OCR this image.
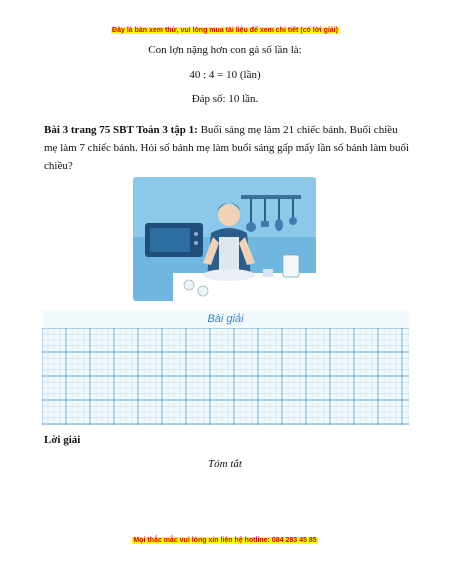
Đây là bản xem thử, vui lòng mua tài liệu để xem chi tiết (có lời giải)
Con lợn nặng hơn con gà số lần là:
40 : 4 = 10 (lần)
Đáp số: 10 lần.
Bài 3 trang 75 SBT Toán 3 tập 1: Buổi sáng mẹ làm 21 chiếc bánh. Buổi chiều mẹ làm 7 chiếc bánh. Hỏi số bánh mẹ làm buổi sáng gấp mấy lần số bánh làm buổi chiều?
Bài giải
Lời giải
Tóm tắt
Mọi thắc mắc vui lòng xin liên hệ hotline: 084 283 45 85
